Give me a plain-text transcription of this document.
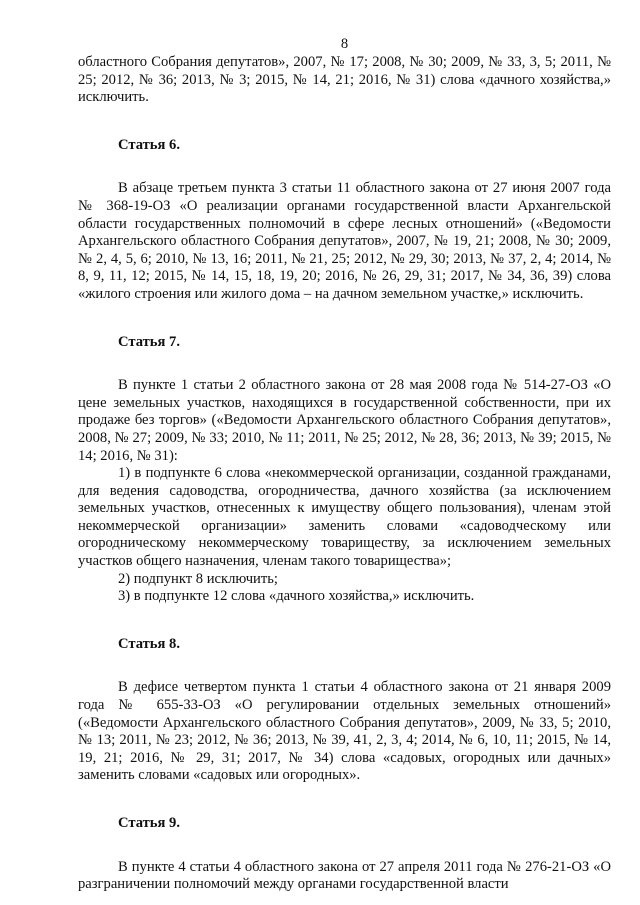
8

областного Собрания депутатов», 2007, № 17; 2008, № 30; 2009, № 33, 3, 5; 2011, № 25; 2012, № 36; 2013, № 3; 2015, № 14, 21; 2016, № 31) слова «дачного хозяйства,» исключить.

Статья 6.

В абзаце третьем пункта 3 статьи 11 областного закона от 27 июня 2007 года № 368-19-ОЗ «О реализации органами государственной власти Архангельской области государственных полномочий в сфере лесных отношений» («Ведомости Архангельского областного Собрания депутатов», 2007, № 19, 21; 2008, № 30; 2009, № 2, 4, 5, 6; 2010, № 13, 16; 2011, № 21, 25; 2012, № 29, 30; 2013, № 37, 2, 4; 2014, № 8, 9, 11, 12; 2015, № 14, 15, 18, 19, 20; 2016, № 26, 29, 31; 2017, № 34, 36, 39) слова «жилого строения или жилого дома – на дачном земельном участке,» исключить.

Статья 7.

В пункте 1 статьи 2 областного закона от 28 мая 2008 года № 514-27-ОЗ «О цене земельных участков, находящихся в государственной собственности, при их продаже без торгов» («Ведомости Архангельского областного Собрания депутатов», 2008, № 27; 2009, № 33; 2010, № 11; 2011, № 25; 2012, № 28, 36; 2013, № 39; 2015, № 14; 2016, № 31):

1) в подпункте 6 слова «некоммерческой организации, созданной гражданами, для ведения садоводства, огородничества, дачного хозяйства (за исключением земельных участков, отнесенных к имуществу общего пользования), членам этой некоммерческой организации» заменить словами «садоводческому или огородническому некоммерческому товариществу, за исключением земельных участков общего назначения, членам такого товарищества»;

2) подпункт 8 исключить;

3) в подпункте 12 слова «дачного хозяйства,» исключить.

Статья 8.

В дефисе четвертом пункта 1 статьи 4 областного закона от 21 января 2009 года № 655-33-ОЗ «О регулировании отдельных земельных отношений» («Ведомости Архангельского областного Собрания депутатов», 2009, № 33, 5; 2010, № 13; 2011, № 23; 2012, № 36; 2013, № 39, 41, 2, 3, 4; 2014, № 6, 10, 11; 2015, № 14, 19, 21; 2016, № 29, 31; 2017, № 34) слова «садовых, огородных или дачных» заменить словами «садовых или огородных».

Статья 9.

В пункте 4 статьи 4 областного закона от 27 апреля 2011 года № 276-21-ОЗ «О разграничении полномочий между органами государственной власти
